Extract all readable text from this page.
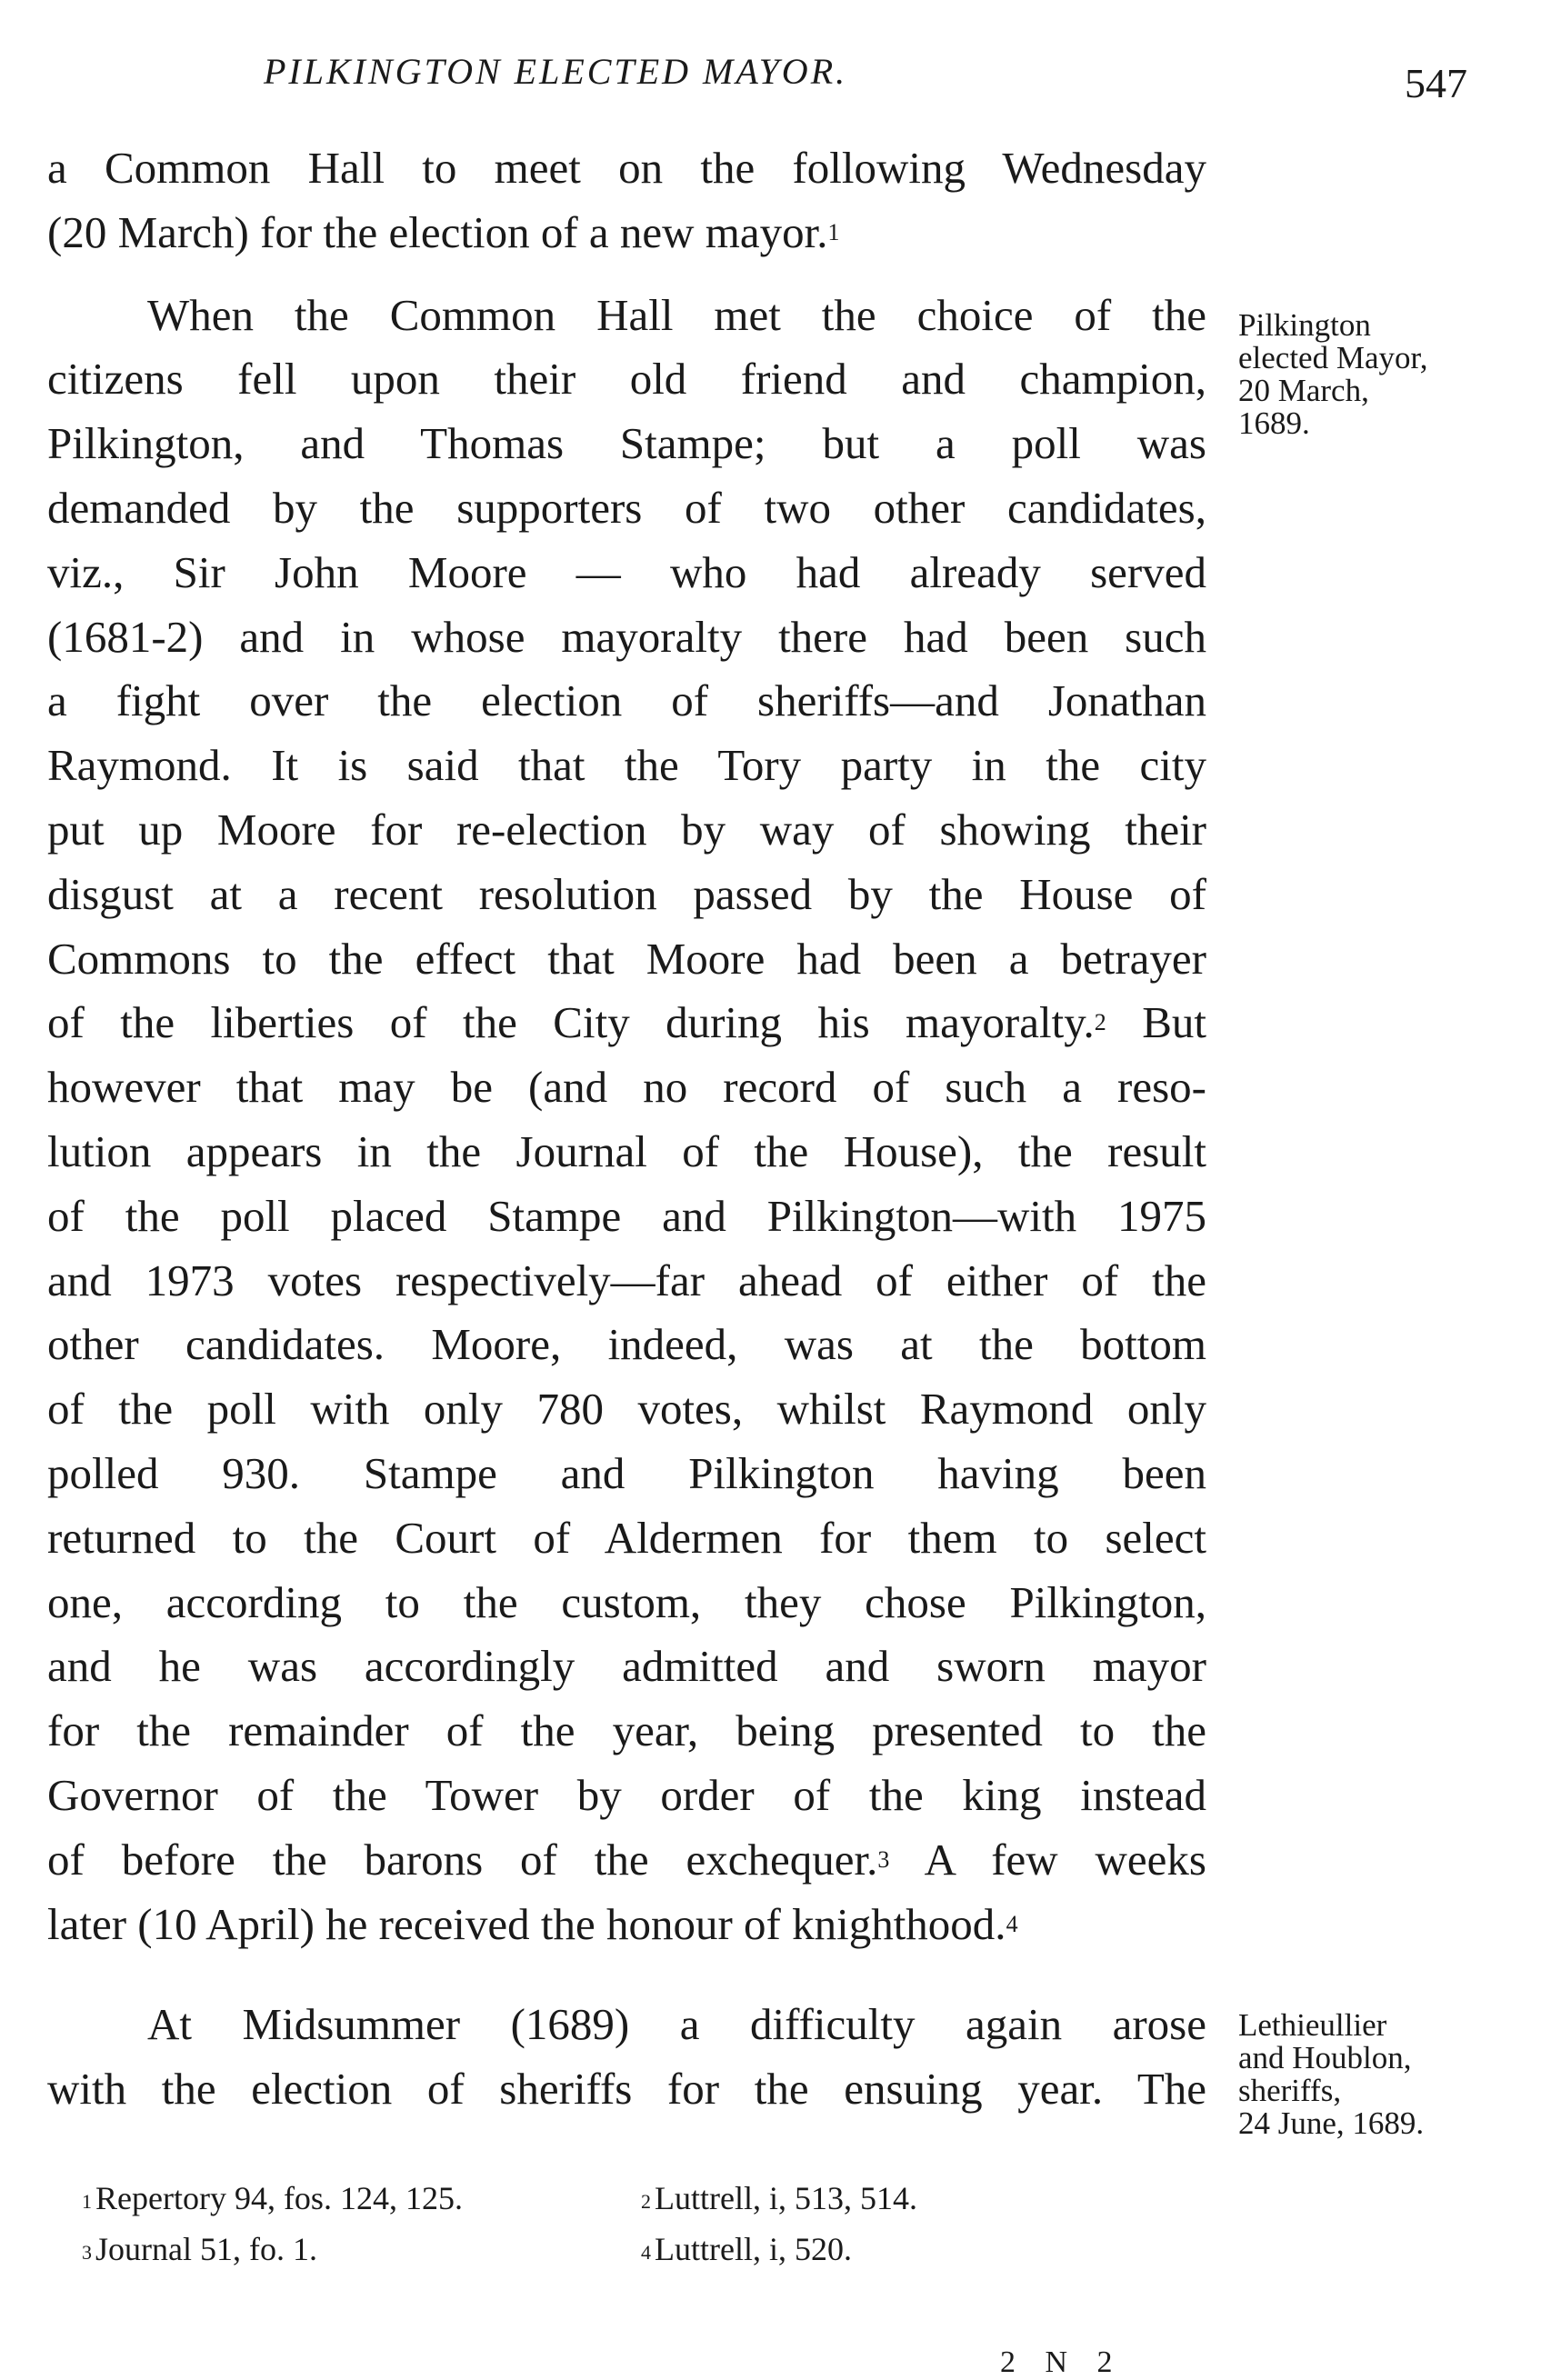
PILKINGTON ELECTED MAYOR.	547
a Common Hall to meet on the following Wednesday
(20 March) for the election of a new mayor.$^1$
When the Common Hall met the choice of the
citizens fell upon their old friend and champion,
Pilkington, and Thomas Stampe; but a poll was
demanded by the supporters of two other candidates,
viz., Sir John Moore — who had already served
(1681-2) and in whose mayoralty there had been such
a fight over the election of sheriffs—and Jonathan
Raymond. It is said that the Tory party in the city
put up Moore for re-election by way of showing their
disgust at a recent resolution passed by the House of
Commons to the effect that Moore had been a betrayer
of the liberties of the City during his mayoralty.$^2$ But
however that may be (and no record of such a reso-
lution appears in the Journal of the House), the result
of the poll placed Stampe and Pilkington—with 1975
and 1973 votes respectively—far ahead of either of the
other candidates. Moore, indeed, was at the bottom
of the poll with only 780 votes, whilst Raymond only
polled 930. Stampe and Pilkington having been
returned to the Court of Aldermen for them to select
one, according to the custom, they chose Pilkington,
and he was accordingly admitted and sworn mayor
for the remainder of the year, being presented to the
Governor of the Tower by order of the king instead
of before the barons of the exchequer.$^3$ A few weeks
later (10 April) he received the honour of knighthood.$^4$
At Midsummer (1689) a difficulty again arose
with the election of sheriffs for the ensuing year. The
Pilkington
elected Mayor,
20 March,
1689.
Lethieullier
and Houblon,
sheriffs,
24 June, 1689.
$^1$ Repertory 94, fos. 124, 125.	$^2$ Luttrell, i, 513, 514.
$^3$ Journal 51, fo. 1.	$^4$ Luttrell, i, 520.
2 N 2
